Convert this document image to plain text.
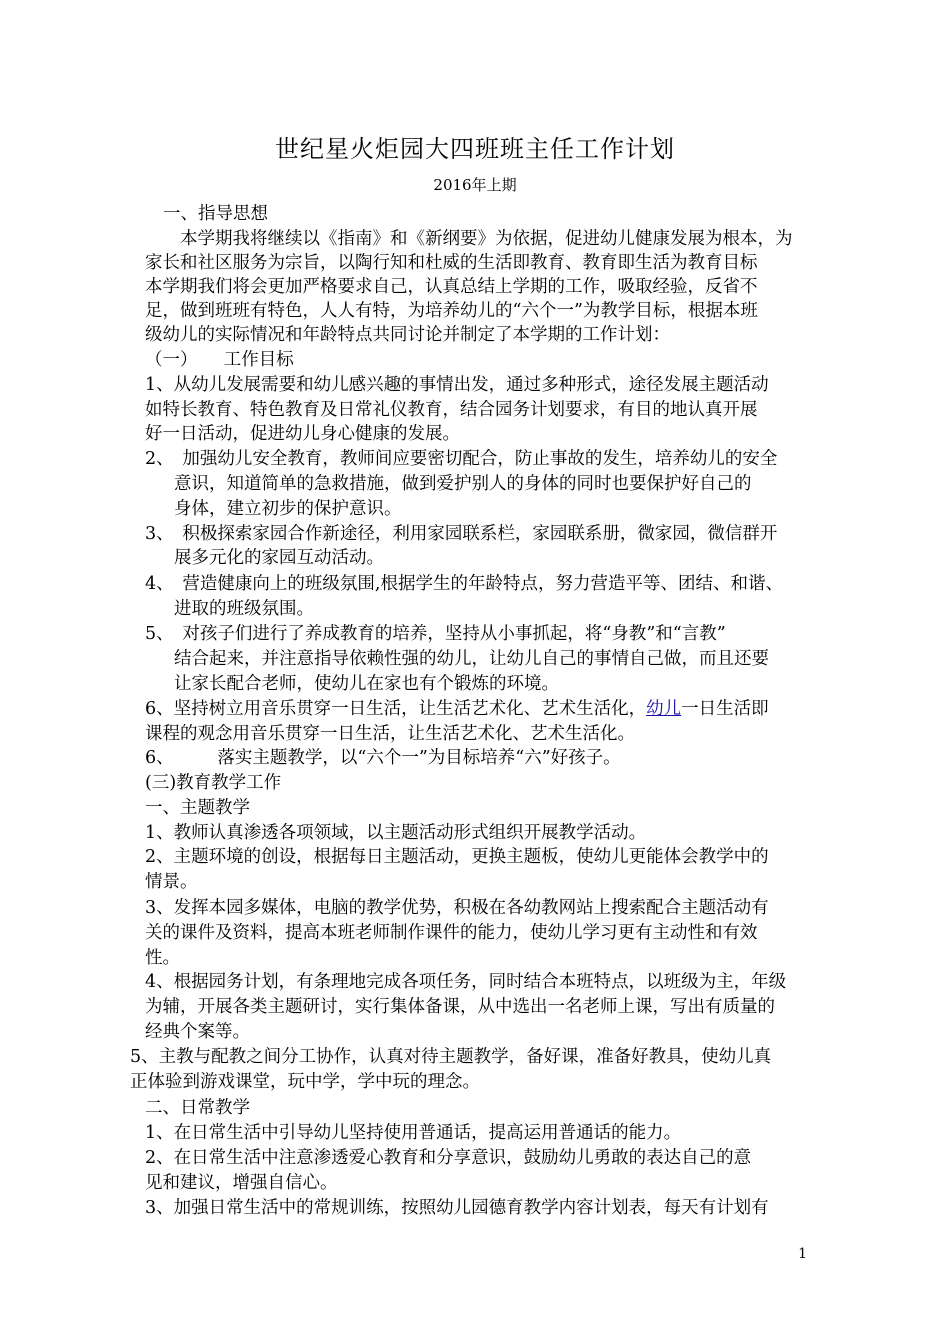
世纪星火炬园大四班班主任工作计划
2016年上期
一、指导思想
本学期我将继续以《指南》和《新纲要》为依据，促进幼儿健康发展为根本，为
家长和社区服务为宗旨，以陶行知和杜威的生活即教育、教育即生活为教育目标
本学期我们将会更加严格要求自己，认真总结上学期的工作，吸取经验，反省不
足，做到班班有特色，人人有特，为培养幼儿的“六个一”为教学目标，根据本班
级幼儿的实际情况和年龄特点共同讨论并制定了本学期的工作计划：
（一）　　工作目标
1、从幼儿发展需要和幼儿感兴趣的事情出发，通过多种形式，途径发展主题活动
如特长教育、特色教育及日常礼仪教育，结合园务计划要求，有目的地认真开展
好一日活动，促进幼儿身心健康的发展。
2、　加强幼儿安全教育，教师间应要密切配合，防止事故的发生，培养幼儿的安全
意识，知道简单的急救措施，做到爱护别人的身体的同时也要保护好自己的
身体，建立初步的保护意识。
3、　积极探索家园合作新途径，利用家园联系栏，家园联系册，微家园，微信群开
展多元化的家园互动活动。
4、　营造健康向上的班级氛围,根据学生的年龄特点，努力营造平等、团结、和谐、
进取的班级氛围。
5、　对孩子们进行了养成教育的培养，坚持从小事抓起，将“身教”和“言教”
结合起来，并注意指导依赖性强的幼儿，让幼儿自己的事情自己做，而且还要
让家长配合老师，使幼儿在家也有个锻炼的环境。
6、坚持树立用音乐贯穿一日生活，让生活艺术化、艺术生活化，幼儿一日生活即
课程的观念用音乐贯穿一日生活，让生活艺术化、艺术生活化。
6、　　　落实主题教学，以“六个一”为目标培养“六”好孩子。
(三)教育教学工作
一、主题教学
1、教师认真渗透各项领域，以主题活动形式组织开展教学活动。
2、主题环境的创设，根据每日主题活动，更换主题板，使幼儿更能体会教学中的
情景。
3、发挥本园多媒体，电脑的教学优势，积极在各幼教网站上搜索配合主题活动有
关的课件及资料，提高本班老师制作课件的能力，使幼儿学习更有主动性和有效
性。
4、根据园务计划，有条理地完成各项任务，同时结合本班特点，以班级为主，年级
为辅，开展各类主题研讨，实行集体备课，从中选出一名老师上课，写出有质量的
经典个案等。
5、主教与配教之间分工协作，认真对待主题教学，备好课，准备好教具，使幼儿真
正体验到游戏课堂，玩中学，学中玩的理念。
二、日常教学
1、在日常生活中引导幼儿坚持使用普通话，提高运用普通话的能力。
2、在日常生活中注意渗透爱心教育和分享意识，鼓励幼儿勇敢的表达自己的意
见和建议，增强自信心。
3、加强日常生活中的常规训练，按照幼儿园德育教学内容计划表，每天有计划有
1
